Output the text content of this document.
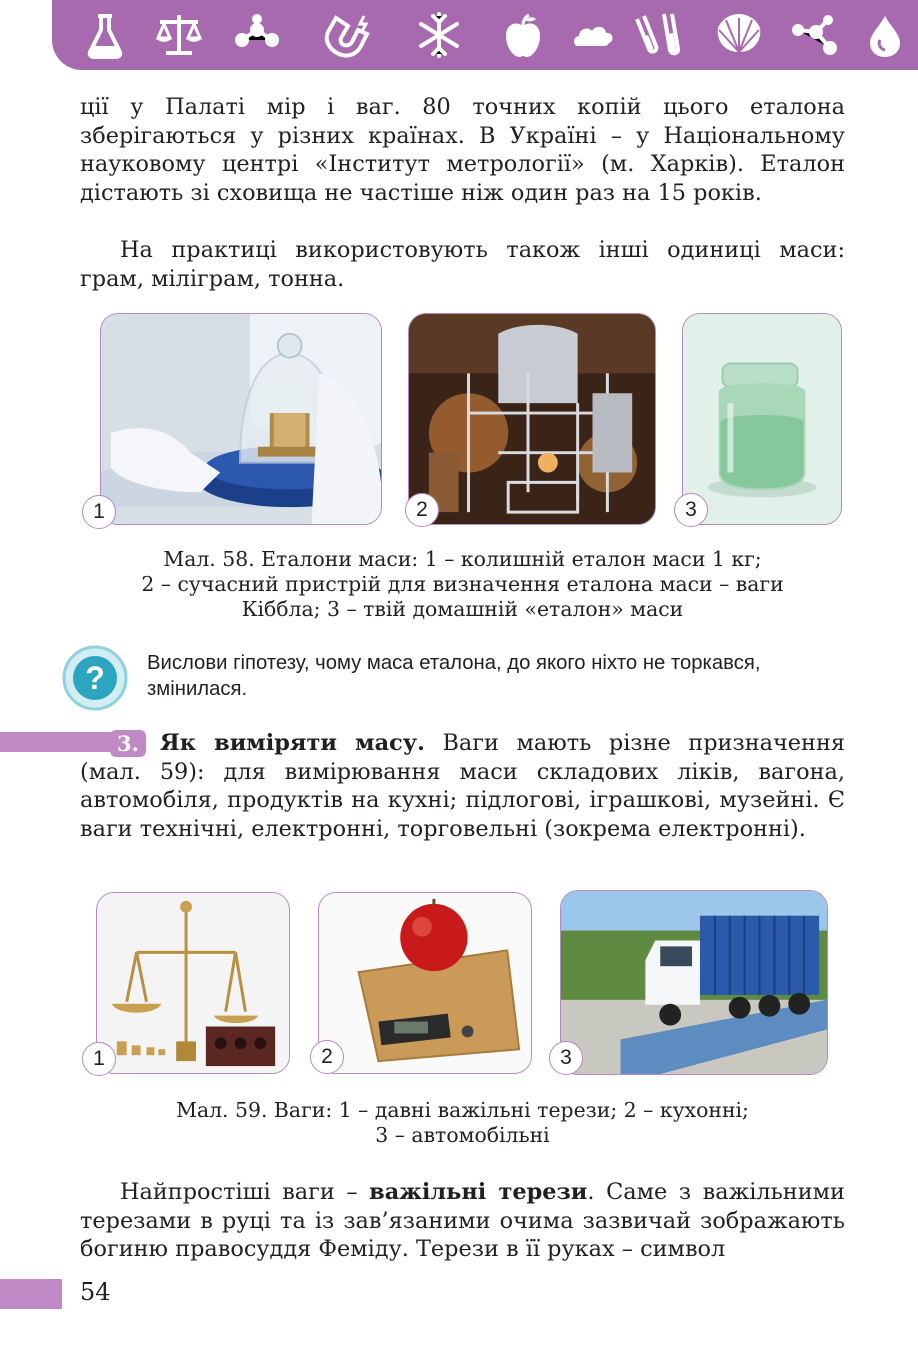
ції у Палаті мір і ваг. 80 точних копій цього еталона зберігаються у різних країнах. В Україні – у Національному науковому центрі «Інститут метрології» (м. Харків). Еталон дістають зі сховища не частіше ніж один раз на 15 років.

На практиці використовують також інші одиниці маси: грам, міліграм, тонна.

1	2	3
Мал. 58. Еталони маси: 1 – колишній еталон маси 1 кг;
2 – сучасний пристрій для визначення еталона маси – ваги
Кіббла; 3 – твій домашній «еталон» маси
? Вислови гіпотезу, чому маса еталона, до якого ніхто не торкався, змінилася.

3. Як виміряти масу. Ваги мають різне призначення (мал. 59): для вимірювання маси складових ліків, вагона, автомобіля, продуктів на кухні; підлогові, іграшкові, музейні. Є ваги технічні, електронні, торговельні (зокрема електронні).

1	2	3
Мал. 59. Ваги: 1 – давні важільні терези; 2 – кухонні;
3 – автомобільні

Найпростіші ваги – важільні терези. Саме з важільними терезами в руці та із зав’язаними очима зазвичай зображають богиню правосуддя Феміду. Терези в її руках – символ

54
